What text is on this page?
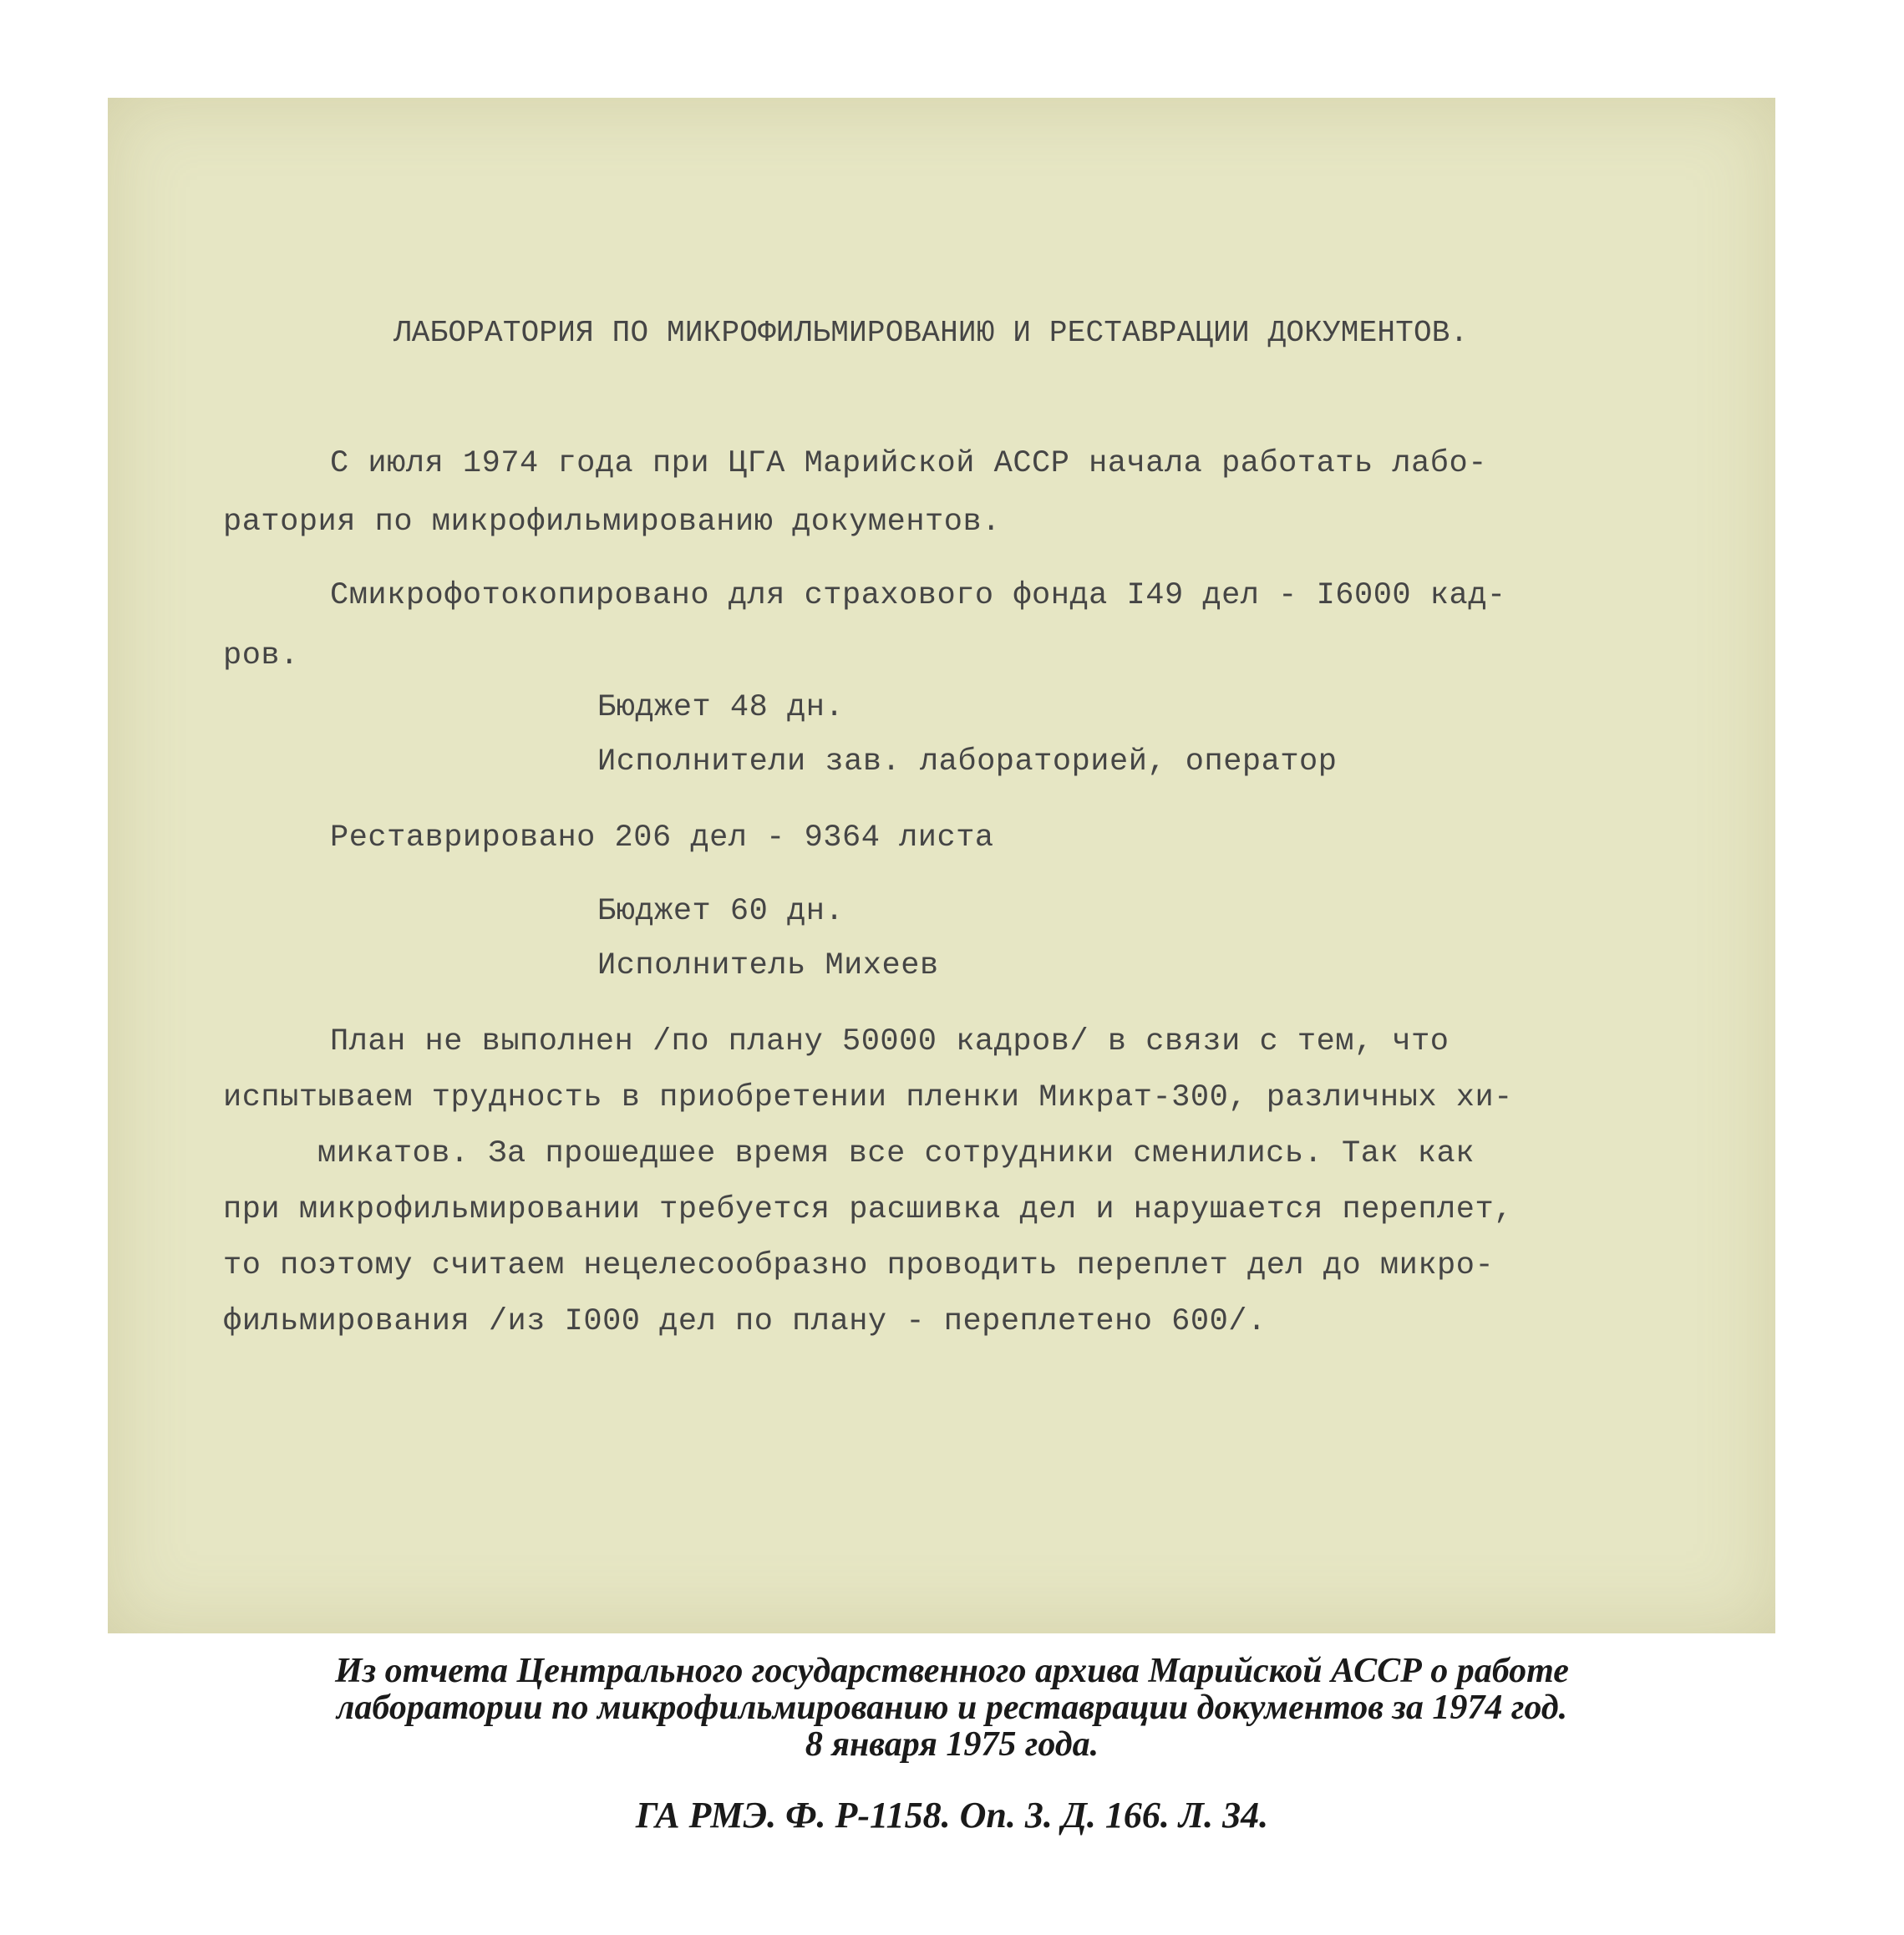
ЛАБОРАТОРИЯ ПО МИКРОФИЛЬМИРОВАНИЮ И РЕСТАВРАЦИИ ДОКУМЕНТОВ.
С июля 1974 года при ЦГА Марийской АССР начала работать лабо-
ратория по микрофильмированию документов.
Смикрофотокопировано для страхового фонда I49 дел - I6000 кад-
ров.
Бюджет 48 дн.
Исполнители зав. лабораторией, оператор
Реставрировано 206 дел - 9364 листа
Бюджет 60 дн.
Исполнитель Михеев
План не выполнен /по плану 50000 кадров/ в связи с тем, что
испытываем трудность в приобретении пленки Микрат-300, различных хи-
микатов. За прошедшее время все сотрудники сменились. Так как
при микрофильмировании требуется расшивка дел и нарушается переплет,
то поэтому считаем нецелесообразно проводить переплет дел до микро-
фильмирования /из I000 дел по плану - переплетено 600/.
Из отчета Центрального государственного архива Марийской АССР о работе
лаборатории по микрофильмированию и реставрации документов за 1974 год.
8 января 1975 года.
ГА РМЭ. Ф. Р-1158. Оп. 3. Д. 166. Л. 34.
